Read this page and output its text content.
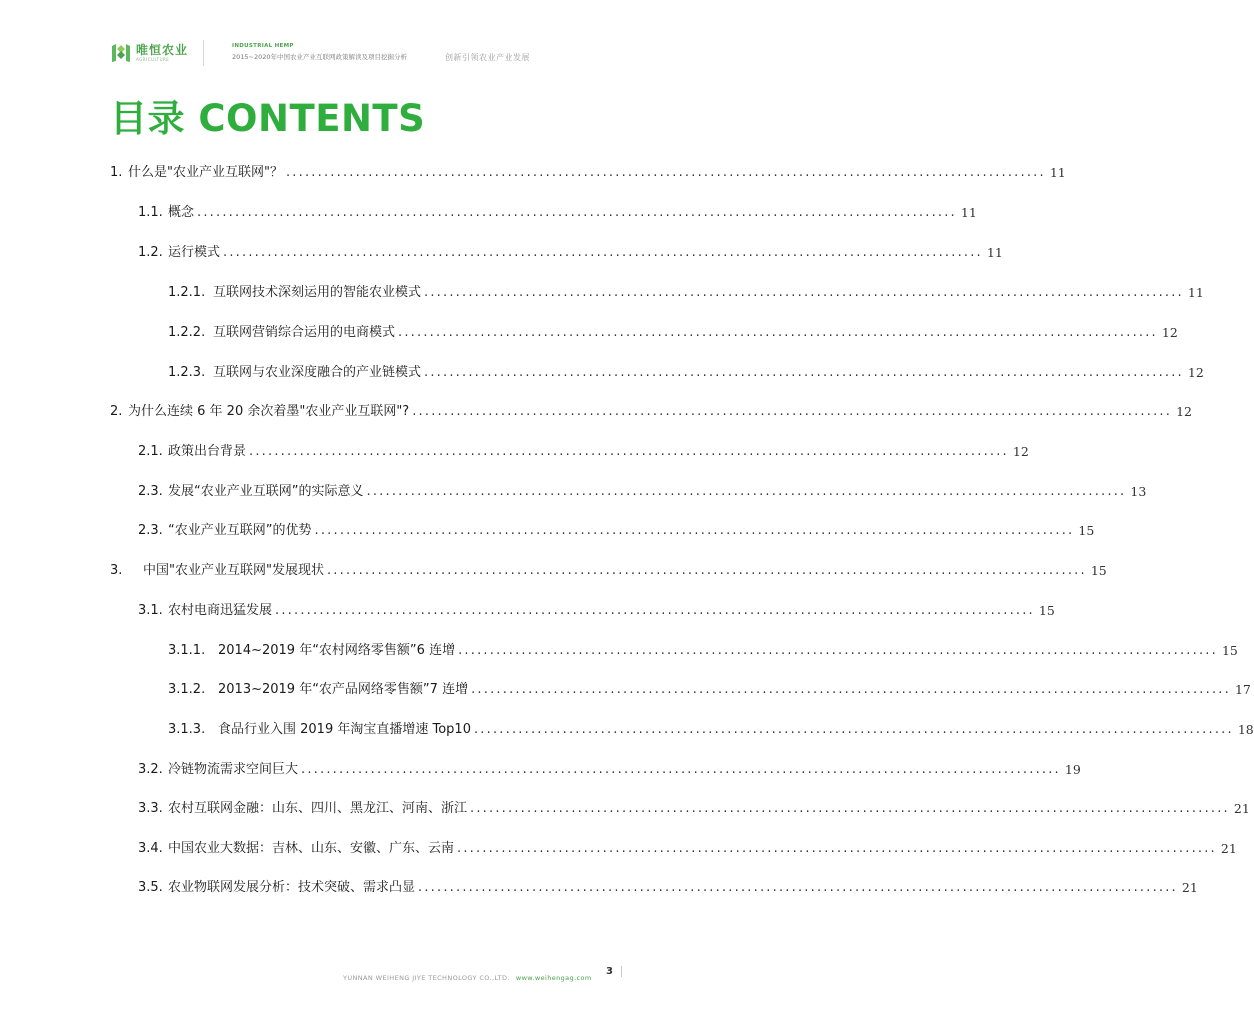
唯恒农业
AGRICULTURE
INDUSTRIAL HEMP
2015~2020年中国农业产业互联网政策解读及项目挖掘分析	创新引领农业产业发展
目录 CONTENTS
1. 什么是"农业产业互联网"？ ........................................................................................................................ 11
1.1. 概念 ........................................................................................................................ 11
1.2. 运行模式 ........................................................................................................................ 11
1.2.1. 互联网技术深刻运用的智能农业模式 ........................................................................................................................ 11
1.2.2. 互联网营销综合运用的电商模式 ........................................................................................................................ 12
1.2.3. 互联网与农业深度融合的产业链模式 ........................................................................................................................ 12
2. 为什么连续 6 年 20 余次着墨"农业产业互联网"? ........................................................................................................................ 12
2.1. 政策出台背景 ........................................................................................................................ 12
2.3. 发展“农业产业互联网”的实际意义 ........................................................................................................................ 13
2.3. “农业产业互联网”的优势 ........................................................................................................................ 15
3.	中国"农业产业互联网"发展现状 ........................................................................................................................ 15
3.1. 农村电商迅猛发展 ........................................................................................................................ 15
3.1.1. 2014~2019 年“农村网络零售额”6 连增 ........................................................................................................................ 15
3.1.2. 2013~2019 年“农产品网络零售额”7 连增 ........................................................................................................................ 17
3.1.3. 食品行业入围 2019 年淘宝直播增速 Top10 ........................................................................................................................ 18
3.2. 冷链物流需求空间巨大 ........................................................................................................................ 19
3.3. 农村互联网金融：山东、四川、黑龙江、河南、浙江 ........................................................................................................................ 21
3.4. 中国农业大数据：吉林、山东、安徽、广东、云南 ........................................................................................................................ 21
3.5. 农业物联网发展分析：技术突破、需求凸显 ........................................................................................................................ 21
YUNNAN WEIHENG JIYE TECHNOLOGY CO.,LTD. www.weihengag.com
3
